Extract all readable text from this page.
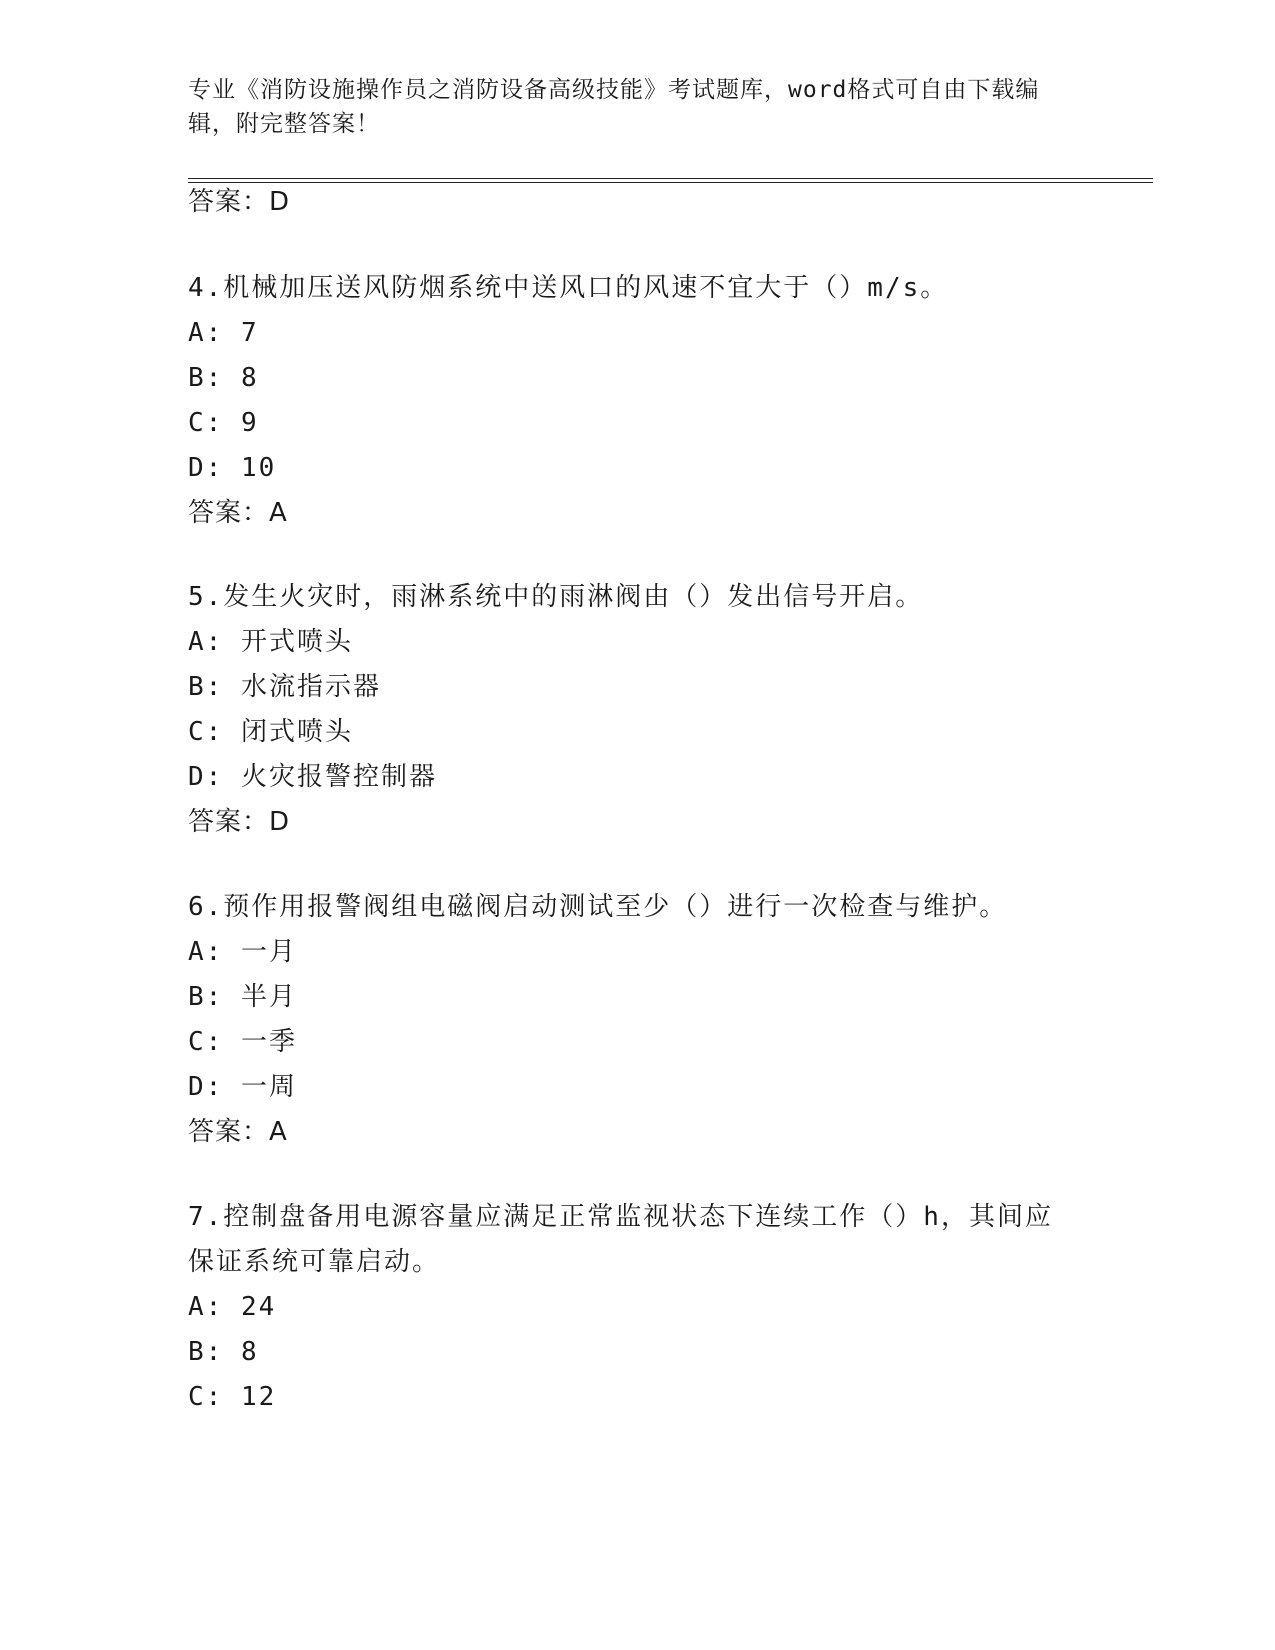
专业《消防设施操作员之消防设备高级技能》考试题库，word格式可自由下载编辑，附完整答案！
答案：D
4.机械加压送风防烟系统中送风口的风速不宜大于（）m/s。
A: 7
B: 8
C: 9
D: 10
答案：A
5.发生火灾时，雨淋系统中的雨淋阀由（）发出信号开启。
A: 开式喷头
B: 水流指示器
C: 闭式喷头
D: 火灾报警控制器
答案：D
6.预作用报警阀组电磁阀启动测试至少（）进行一次检查与维护。
A: 一月
B: 半月
C: 一季
D: 一周
答案：A
7.控制盘备用电源容量应满足正常监视状态下连续工作（）h，其间应保证系统可靠启动。
A: 24
B: 8
C: 12
